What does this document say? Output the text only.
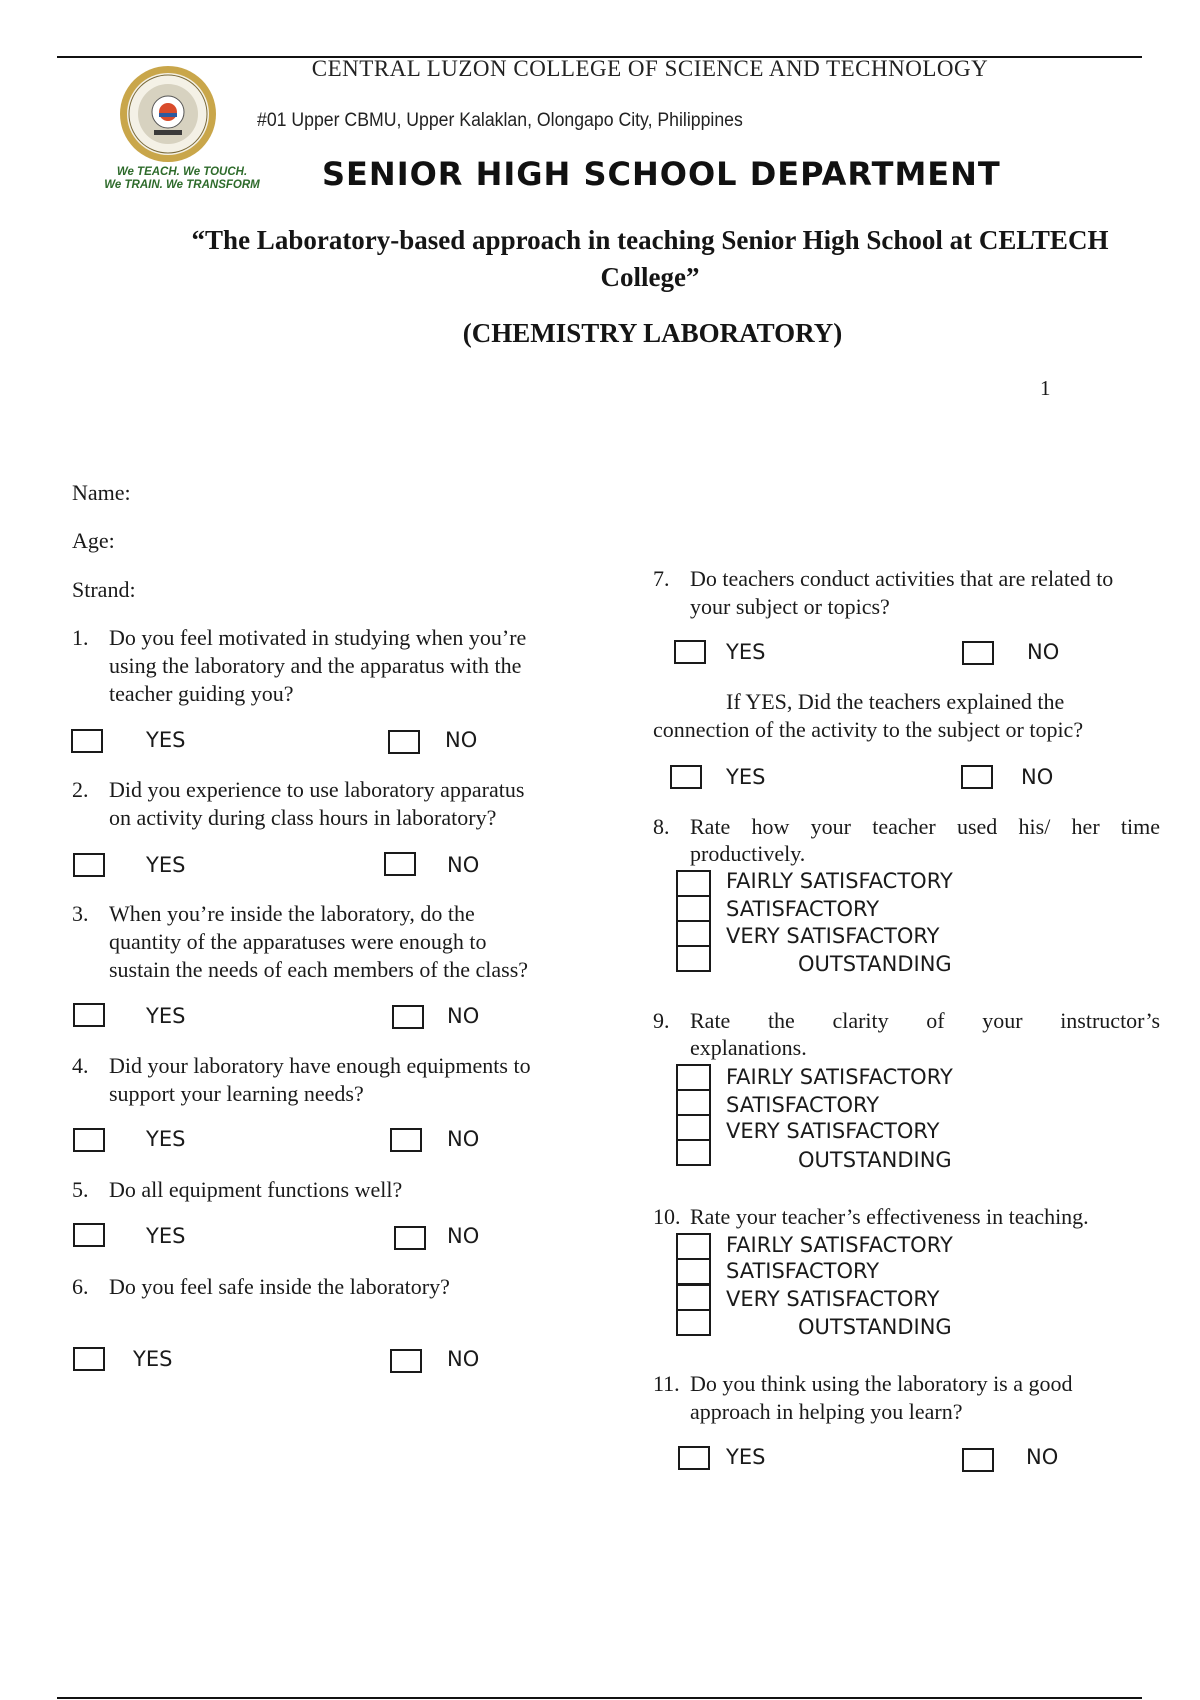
We TEACH. We TOUCH.
We TRAIN. We TRANSFORM
CENTRAL LUZON COLLEGE OF SCIENCE AND TECHNOLOGY
#01 Upper CBMU, Upper Kalaklan, Olongapo City, Philippines
SENIOR HIGH SCHOOL DEPARTMENT
“The Laboratory-based approach in teaching Senior High School at CELTECH
College”
(CHEMISTRY LABORATORY)
1
Name:
Age:
Strand:
1. Do you feel motivated in studying when you’re
using the laboratory and the apparatus with the
teacher guiding you?
YES	NO
2. Did you experience to use laboratory apparatus
on activity during class hours in laboratory?
YES	NO
3. When you’re inside the laboratory, do the
quantity of the apparatuses were enough to
sustain the needs of each members of the class?
YES	NO
4. Did your laboratory have enough equipments to
support your learning needs?
YES	NO
5. Do all equipment functions well?
YES	NO
6. Do you feel safe inside the laboratory?
YES	NO
7. Do teachers conduct activities that are related to
your subject or topics?
YES	NO
If YES, Did the teachers explained the
connection of the activity to the subject or topic?
YES	NO
8. Rate how your teacher used his/ her time
productively.
FAIRLY SATISFACTORY
SATISFACTORY
VERY SATISFACTORY
OUTSTANDING
9. Rate the clarity of your instructor’s
explanations.
FAIRLY SATISFACTORY
SATISFACTORY
VERY SATISFACTORY
OUTSTANDING
10. Rate your teacher’s effectiveness in teaching.
FAIRLY SATISFACTORY
SATISFACTORY
VERY SATISFACTORY
OUTSTANDING
11. Do you think using the laboratory is a good
approach in helping you learn?
YES	NO
